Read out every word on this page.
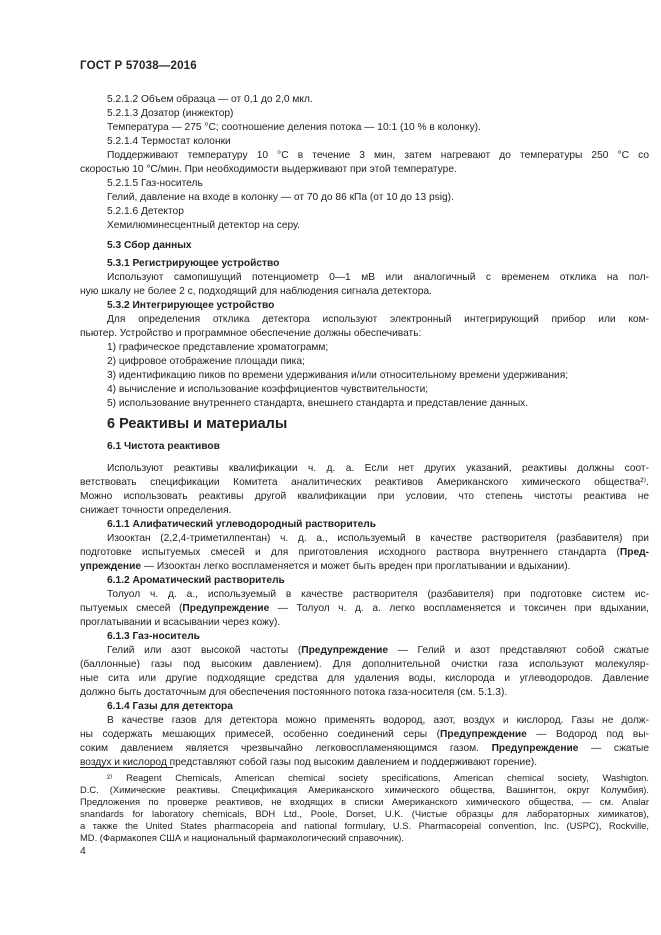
ГОСТ Р 57038—2016
5.2.1.2 Объем образца — от 0,1 до 2,0 мкл.
5.2.1.3 Дозатор (инжектор)
Температура — 275 °С; соотношение деления потока — 10:1 (10 % в колонку).
5.2.1.4 Термостат колонки
Поддерживают температуру 10 °С в течение 3 мин, затем нагревают до температуры 250 °С со
скоростью 10 °С/мин. При необходимости выдерживают при этой температуре.
5.2.1.5 Газ-носитель
Гелий, давление на входе в колонку — от 70 до 86 кПа (от 10 до 13 psig).
5.2.1.6 Детектор
Хемилюминесцентный детектор на серу.
5.3 Сбор данных
5.3.1 Регистрирующее устройство
Используют самопишущий потенциометр 0—1 мВ или аналогичный с временем отклика на пол-
ную шкалу не более 2 с, подходящий для наблюдения сигнала детектора.
5.3.2 Интегрирующее устройство
Для определения отклика детектора используют электронный интегрирующий прибор или ком-
пьютер. Устройство и программное обеспечение должны обеспечивать:
1) графическое представление хроматограмм;
2) цифровое отображение площади пика;
3) идентификацию пиков по времени удерживания и/или относительному времени удерживания;
4) вычисление и использование коэффициентов чувствительности;
5) использование внутреннего стандарта, внешнего стандарта и представление данных.
6 Реактивы и материалы
6.1 Чистота реактивов
Используют реактивы квалификации ч. д. а. Если нет других указаний, реактивы должны соот-
ветствовать спецификации Комитета аналитических реактивов Американского химического общества²⁾.
Можно использовать реактивы другой квалификации при условии, что степень чистоты реактива не
снижает точности определения.
6.1.1 Алифатический углеводородный растворитель
Изооктан (2,2,4-триметилпентан) ч. д. а., используемый в качестве растворителя (разбавителя) при
подготовке испытуемых смесей и для приготовления исходного раствора внутреннего стандарта (Пред-
упреждение — Изооктан легко воспламеняется и может быть вреден при проглатывании и вдыхании).
6.1.2 Ароматический растворитель
Толуол ч. д. а., используемый в качестве растворителя (разбавителя) при подготовке систем ис-
пытуемых смесей (Предупреждение — Толуол ч. д. а. легко воспламеняется и токсичен при вдыхании,
проглатывании и всасывании через кожу).
6.1.3 Газ-носитель
Гелий или азот высокой частоты (Предупреждение — Гелий и азот представляют собой сжатые
(баллонные) газы под высоким давлением). Для дополнительной очистки газа используют молекуляр-
ные сита или другие подходящие средства для удаления воды, кислорода и углеводородов. Давление
должно быть достаточным для обеспечения постоянного потока газа-носителя (см. 5.1.3).
6.1.4 Газы для детектора
В качестве газов для детектора можно применять водород, азот, воздух и кислород. Газы не долж-
ны содержать мешающих примесей, особенно соединений серы (Предупреждение — Водород под вы-
соким давлением является чрезвычайно легковоспламеняющимся газом. Предупреждение — сжатые
воздух и кислород представляют собой газы под высоким давлением и поддерживают горение).
²⁾ Reagent Chemicals, American chemical society specifications, American chemical society, Washigton.
D.C. (Химические реактивы. Спецификация Американского химического общества, Вашингтон, округ Колумбия).
Предложения по проверке реактивов, не входящих в списки Американского химического общества, — см. Analar
snandards for laboratory chemicals, BDH Ltd., Poole, Dorset, U.K. (Чистые образцы для лабораторных химикатов),
а также the United States pharmacopeia and national formulary, U.S. Pharmacopeial convention, Inc. (USPC), Rockville,
MD. (Фармакопея США и национальный фармакологический справочник).
4
